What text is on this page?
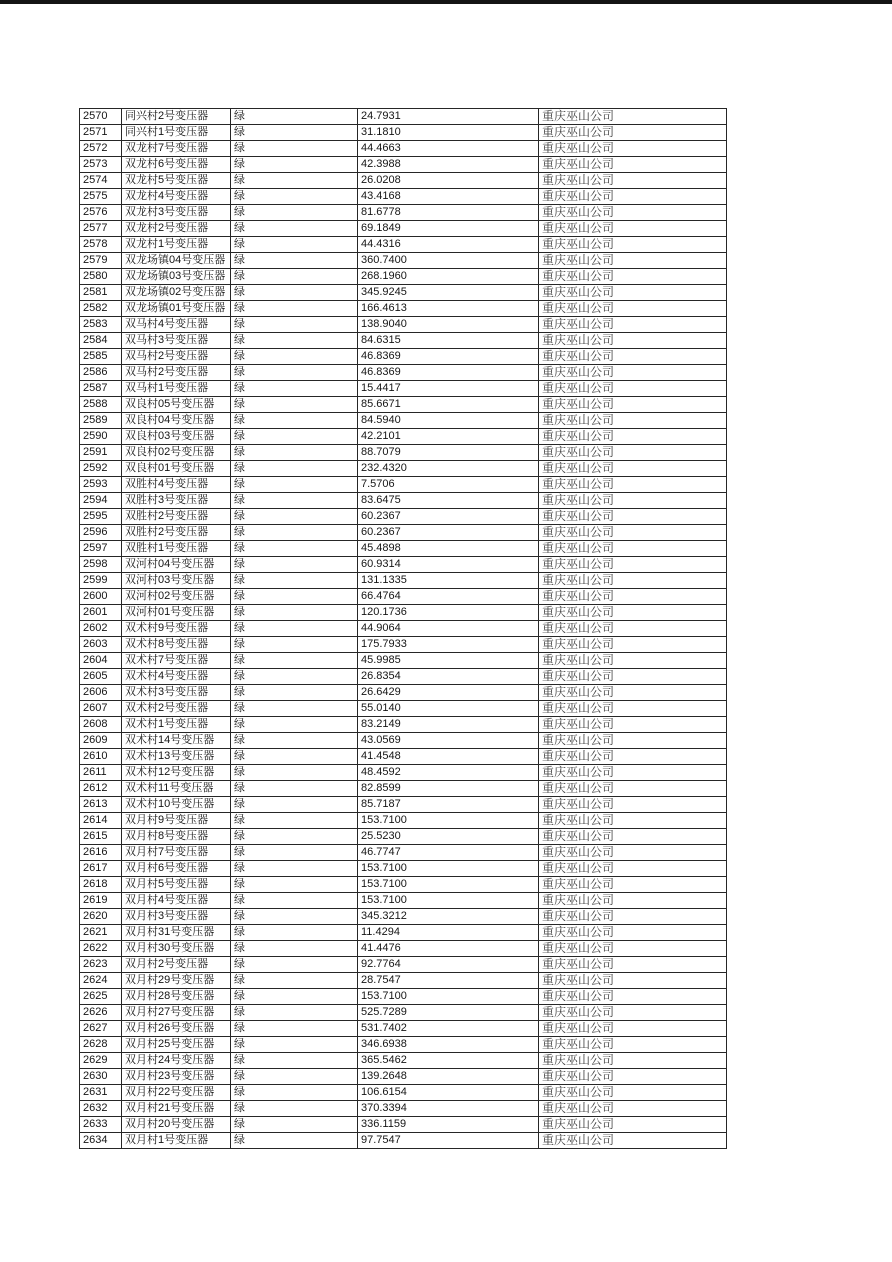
2570	同兴村2号变压器	绿	24.7931	重庆巫山公司
2571	同兴村1号变压器	绿	31.1810	重庆巫山公司
2572	双龙村7号变压器	绿	44.4663	重庆巫山公司
2573	双龙村6号变压器	绿	42.3988	重庆巫山公司
2574	双龙村5号变压器	绿	26.0208	重庆巫山公司
2575	双龙村4号变压器	绿	43.4168	重庆巫山公司
2576	双龙村3号变压器	绿	81.6778	重庆巫山公司
2577	双龙村2号变压器	绿	69.1849	重庆巫山公司
2578	双龙村1号变压器	绿	44.4316	重庆巫山公司
2579	双龙场镇04号变压器	绿	360.7400	重庆巫山公司
2580	双龙场镇03号变压器	绿	268.1960	重庆巫山公司
2581	双龙场镇02号变压器	绿	345.9245	重庆巫山公司
2582	双龙场镇01号变压器	绿	166.4613	重庆巫山公司
2583	双马村4号变压器	绿	138.9040	重庆巫山公司
2584	双马村3号变压器	绿	84.6315	重庆巫山公司
2585	双马村2号变压器	绿	46.8369	重庆巫山公司
2586	双马村2号变压器	绿	46.8369	重庆巫山公司
2587	双马村1号变压器	绿	15.4417	重庆巫山公司
2588	双良村05号变压器	绿	85.6671	重庆巫山公司
2589	双良村04号变压器	绿	84.5940	重庆巫山公司
2590	双良村03号变压器	绿	42.2101	重庆巫山公司
2591	双良村02号变压器	绿	88.7079	重庆巫山公司
2592	双良村01号变压器	绿	232.4320	重庆巫山公司
2593	双胜村4号变压器	绿	7.5706	重庆巫山公司
2594	双胜村3号变压器	绿	83.6475	重庆巫山公司
2595	双胜村2号变压器	绿	60.2367	重庆巫山公司
2596	双胜村2号变压器	绿	60.2367	重庆巫山公司
2597	双胜村1号变压器	绿	45.4898	重庆巫山公司
2598	双河村04号变压器	绿	60.9314	重庆巫山公司
2599	双河村03号变压器	绿	131.1335	重庆巫山公司
2600	双河村02号变压器	绿	66.4764	重庆巫山公司
2601	双河村01号变压器	绿	120.1736	重庆巫山公司
2602	双术村9号变压器	绿	44.9064	重庆巫山公司
2603	双术村8号变压器	绿	175.7933	重庆巫山公司
2604	双术村7号变压器	绿	45.9985	重庆巫山公司
2605	双术村4号变压器	绿	26.8354	重庆巫山公司
2606	双术村3号变压器	绿	26.6429	重庆巫山公司
2607	双术村2号变压器	绿	55.0140	重庆巫山公司
2608	双术村1号变压器	绿	83.2149	重庆巫山公司
2609	双术村14号变压器	绿	43.0569	重庆巫山公司
2610	双术村13号变压器	绿	41.4548	重庆巫山公司
2611	双术村12号变压器	绿	48.4592	重庆巫山公司
2612	双术村11号变压器	绿	82.8599	重庆巫山公司
2613	双术村10号变压器	绿	85.7187	重庆巫山公司
2614	双月村9号变压器	绿	153.7100	重庆巫山公司
2615	双月村8号变压器	绿	25.5230	重庆巫山公司
2616	双月村7号变压器	绿	46.7747	重庆巫山公司
2617	双月村6号变压器	绿	153.7100	重庆巫山公司
2618	双月村5号变压器	绿	153.7100	重庆巫山公司
2619	双月村4号变压器	绿	153.7100	重庆巫山公司
2620	双月村3号变压器	绿	345.3212	重庆巫山公司
2621	双月村31号变压器	绿	11.4294	重庆巫山公司
2622	双月村30号变压器	绿	41.4476	重庆巫山公司
2623	双月村2号变压器	绿	92.7764	重庆巫山公司
2624	双月村29号变压器	绿	28.7547	重庆巫山公司
2625	双月村28号变压器	绿	153.7100	重庆巫山公司
2626	双月村27号变压器	绿	525.7289	重庆巫山公司
2627	双月村26号变压器	绿	531.7402	重庆巫山公司
2628	双月村25号变压器	绿	346.6938	重庆巫山公司
2629	双月村24号变压器	绿	365.5462	重庆巫山公司
2630	双月村23号变压器	绿	139.2648	重庆巫山公司
2631	双月村22号变压器	绿	106.6154	重庆巫山公司
2632	双月村21号变压器	绿	370.3394	重庆巫山公司
2633	双月村20号变压器	绿	336.1159	重庆巫山公司
2634	双月村1号变压器	绿	97.7547	重庆巫山公司
